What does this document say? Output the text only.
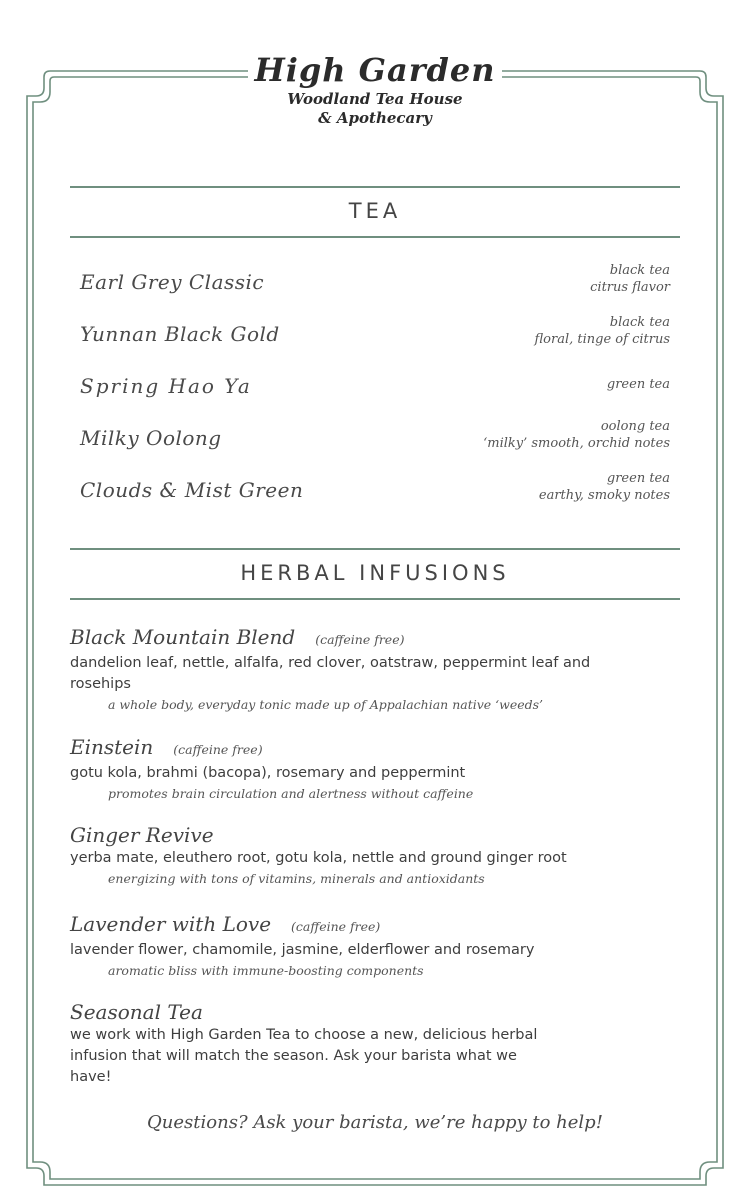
High Garden
Woodland Tea House
& Apothecary
TEA
Earl Grey Classic	black tea
citrus flavor
Yunnan Black Gold	black tea
floral, tinge of citrus
Spring Hao Ya	green tea
Milky Oolong	oolong tea
‘milky’ smooth, orchid notes
Clouds & Mist Green	green tea
earthy, smoky notes
HERBAL INFUSIONS
Black Mountain Blend (caffeine free)
dandelion leaf, nettle, alfalfa, red clover, oatstraw, peppermint leaf and rosehips
a whole body, everyday tonic made up of Appalachian native ‘weeds’
Einstein (caffeine free)
gotu kola, brahmi (bacopa), rosemary and peppermint
promotes brain circulation and alertness without caffeine
Ginger Revive
yerba mate, eleuthero root, gotu kola, nettle and ground ginger root
energizing with tons of vitamins, minerals and antioxidants
Lavender with Love (caffeine free)
lavender flower, chamomile, jasmine, elderflower and rosemary
aromatic bliss with immune-boosting components
Seasonal Tea
we work with High Garden Tea to choose a new, delicious herbal infusion that will match the season. Ask your barista what we have!
Questions? Ask your barista, we’re happy to help!
